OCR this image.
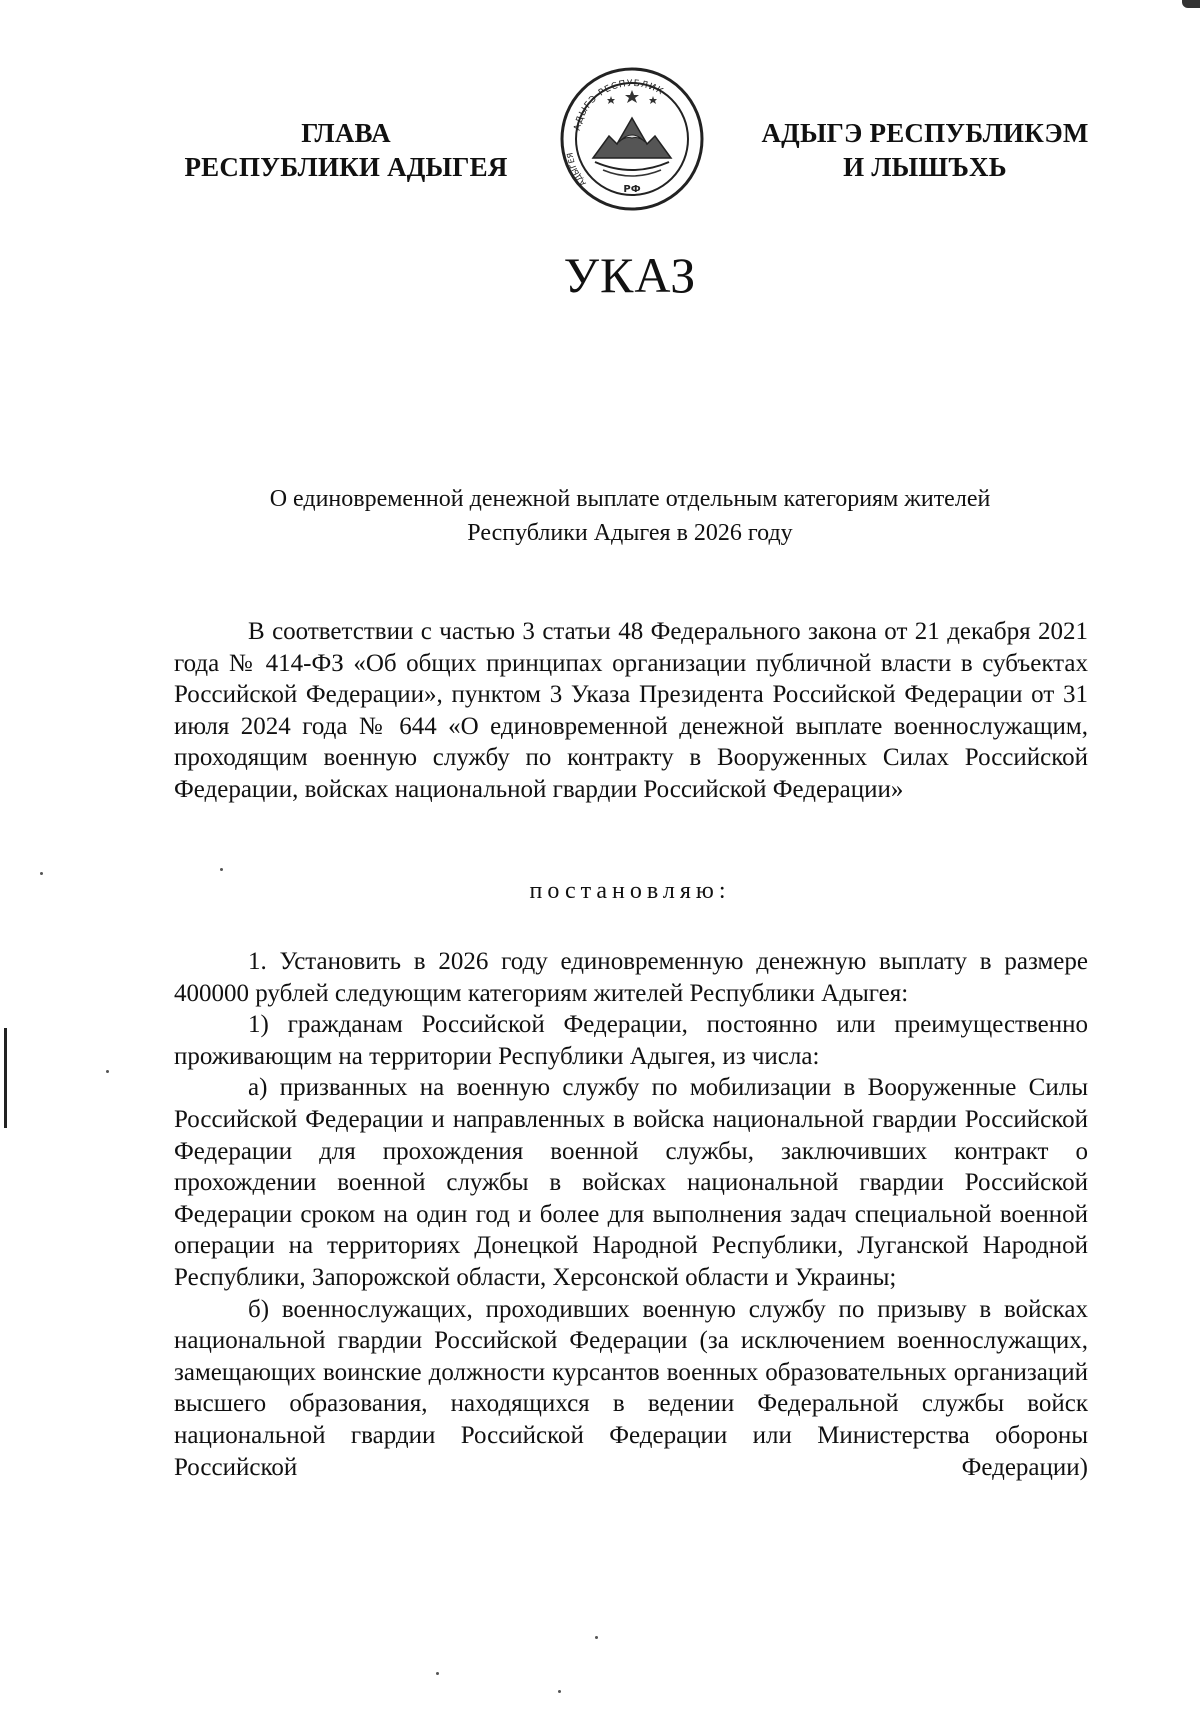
ГЛАВА
РЕСПУБЛИКИ АДЫГЕЯ
АДЫГЭ РЕСПУБЛИК
АДЫГЕЯ
РФ
АДЫГЭ РЕСПУБЛИКЭМ
И ЛЫШЪХЬ
УКАЗ
О единовременной денежной выплате отдельным категориям жителей
Республики Адыгея в 2026 году
В соответствии с частью 3 статьи 48 Федерального закона от 21 декабря 2021 года № 414-ФЗ «Об общих принципах организации публичной власти в субъектах Российской Федерации», пунктом 3 Указа Президента Российской Федерации от 31 июля 2024 года № 644 «О единовременной денежной выплате военнослужащим, проходящим военную службу по контракту в Вооруженных Силах Российской Федерации, войсках национальной гвардии Российской Федерации»
постановляю:

1. Установить в 2026 году единовременную денежную выплату в размере 400000 рублей следующим категориям жителей Республики Адыгея:

1) гражданам Российской Федерации, постоянно или преимущественно проживающим на территории Республики Адыгея, из числа:

а) призванных на военную службу по мобилизации в Вооруженные Силы Российской Федерации и направленных в войска национальной гвардии Российской Федерации для прохождения военной службы, заключивших контракт о прохождении военной службы в войсках национальной гвардии Российской Федерации сроком на один год и более для выполнения задач специальной военной операции на территориях Донецкой Народной Республики, Луганской Народной Республики, Запорожской области, Херсонской области и Украины;

б) военнослужащих, проходивших военную службу по призыву в войсках национальной гвардии Российской Федерации (за исключением военнослужащих, замещающих воинские должности курсантов военных образовательных организаций высшего образования, находящихся в ведении Федеральной службы войск национальной гвардии Российской Федерации или Министерства обороны Российской Федерации)
